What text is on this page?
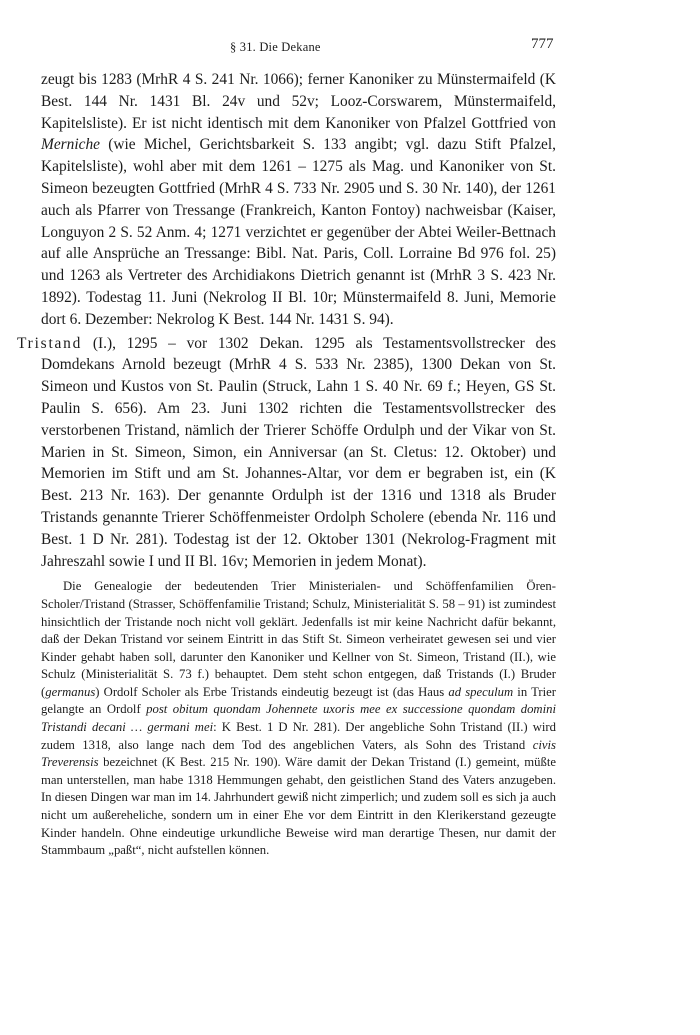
§ 31. Die Dekane	777

zeugt bis 1283 (MrhR 4 S. 241 Nr. 1066); ferner Kanoniker zu Münstermaifeld (K Best. 144 Nr. 1431 Bl. 24v und 52v; Looz-Corswarem, Münstermaifeld, Kapitelsliste). Er ist nicht identisch mit dem Kanoniker von Pfalzel Gottfried von Merniche (wie Michel, Gerichtsbarkeit S. 133 angibt; vgl. dazu Stift Pfalzel, Kapitelsliste), wohl aber mit dem 1261 – 1275 als Mag. und Kanoniker von St. Simeon bezeugten Gottfried (MrhR 4 S. 733 Nr. 2905 und S. 30 Nr. 140), der 1261 auch als Pfarrer von Tressange (Frankreich, Kanton Fontoy) nachweisbar (Kaiser, Longuyon 2 S. 52 Anm. 4; 1271 verzichtet er gegenüber der Abtei Weiler-Bettnach auf alle Ansprüche an Tressange: Bibl. Nat. Paris, Coll. Lorraine Bd 976 fol. 25) und 1263 als Vertreter des Archidiakons Dietrich genannt ist (MrhR 3 S. 423 Nr. 1892). Todestag 11. Juni (Nekrolog II Bl. 10r; Münstermaifeld 8. Juni, Memorie dort 6. Dezember: Nekrolog K Best. 144 Nr. 1431 S. 94).

Tristand (I.), 1295 – vor 1302 Dekan. 1295 als Testamentsvollstrecker des Domdekans Arnold bezeugt (MrhR 4 S. 533 Nr. 2385), 1300 Dekan von St. Simeon und Kustos von St. Paulin (Struck, Lahn 1 S. 40 Nr. 69 f.; Heyen, GS St. Paulin S. 656). Am 23. Juni 1302 richten die Testamentsvollstrecker des verstorbenen Tristand, nämlich der Trierer Schöffe Ordulph und der Vikar von St. Marien in St. Simeon, Simon, ein Anniversar (an St. Cletus: 12. Oktober) und Memorien im Stift und am St. Johannes-Altar, vor dem er begraben ist, ein (K Best. 213 Nr. 163). Der genannte Ordulph ist der 1316 und 1318 als Bruder Tristands genannte Trierer Schöffenmeister Ordolph Scholere (ebenda Nr. 116 und Best. 1 D Nr. 281). Todestag ist der 12. Oktober 1301 (Nekrolog-Fragment mit Jahreszahl sowie I und II Bl. 16v; Memorien in jedem Monat).

Die Genealogie der bedeutenden Trier Ministerialen- und Schöffenfamilien Ören-Scholer/Tristand (Strasser, Schöffenfamilie Tristand; Schulz, Ministerialität S. 58 – 91) ist zumindest hinsichtlich der Tristande noch nicht voll geklärt. Jedenfalls ist mir keine Nachricht dafür bekannt, daß der Dekan Tristand vor seinem Eintritt in das Stift St. Simeon verheiratet gewesen sei und vier Kinder gehabt haben soll, darunter den Kanoniker und Kellner von St. Simeon, Tristand (II.), wie Schulz (Ministerialität S. 73 f.) behauptet. Dem steht schon entgegen, daß Tristands (I.) Bruder (germanus) Ordolf Scholer als Erbe Tristands eindeutig bezeugt ist (das Haus ad speculum in Trier gelangte an Ordolf post obitum quondam Johennete uxoris mee ex successione quondam domini Tristandi decani … germani mei: K Best. 1 D Nr. 281). Der angebliche Sohn Tristand (II.) wird zudem 1318, also lange nach dem Tod des angeblichen Vaters, als Sohn des Tristand civis Treverensis bezeichnet (K Best. 215 Nr. 190). Wäre damit der Dekan Tristand (I.) gemeint, müßte man unterstellen, man habe 1318 Hemmungen gehabt, den geistlichen Stand des Vaters anzugeben. In diesen Dingen war man im 14. Jahrhundert gewiß nicht zimperlich; und zudem soll es sich ja auch nicht um außereheliche, sondern um in einer Ehe vor dem Eintritt in den Klerikerstand gezeugte Kinder handeln. Ohne eindeutige urkundliche Beweise wird man derartige Thesen, nur damit der Stammbaum „paßt“, nicht aufstellen können.
